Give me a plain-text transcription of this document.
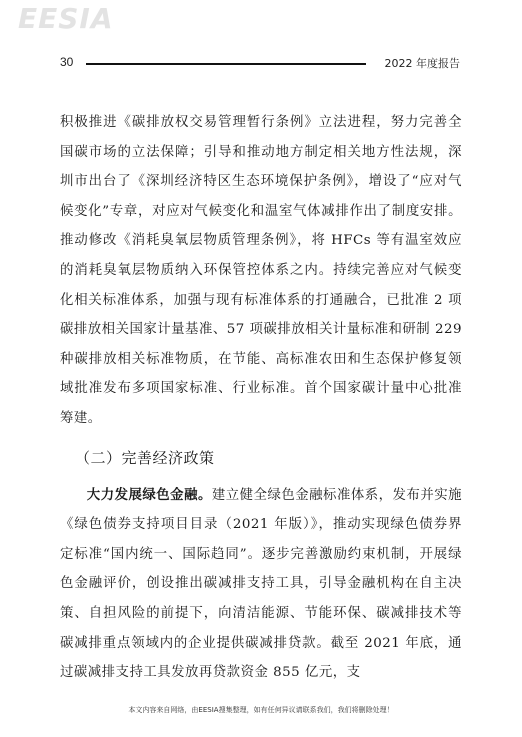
EESIA
30	2022 年度报告

积极推进《碳排放权交易管理暂行条例》立法进程，努力完善全国碳市场的立法保障；引导和推动地方制定相关地方性法规，深圳市出台了《深圳经济特区生态环境保护条例》，增设了“应对气候变化”专章，对应对气候变化和温室气体减排作出了制度安排。推动修改《消耗臭氧层物质管理条例》，将 HFCs 等有温室效应的消耗臭氧层物质纳入环保管控体系之内。持续完善应对气候变化相关标准体系，加强与现有标准体系的打通融合，已批准 2 项碳排放相关国家计量基准、57 项碳排放相关计量标准和研制 229 种碳排放相关标准物质，在节能、高标准农田和生态保护修复领域批准发布多项国家标准、行业标准。首个国家碳计量中心批准筹建。

（二）完善经济政策

大力发展绿色金融。建立健全绿色金融标准体系，发布并实施《绿色债券支持项目目录（2021 年版）》，推动实现绿色债券界定标准“国内统一、国际趋同”。逐步完善激励约束机制，开展绿色金融评价，创设推出碳减排支持工具，引导金融机构在自主决策、自担风险的前提下，向清洁能源、节能环保、碳减排技术等碳减排重点领域内的企业提供碳减排贷款。截至 2021 年底，通过碳减排支持工具发放再贷款资金 855 亿元，支

本文内容来自网络，由EESIA搜集整理，如有任何异议请联系我们，我们将删除处理！
